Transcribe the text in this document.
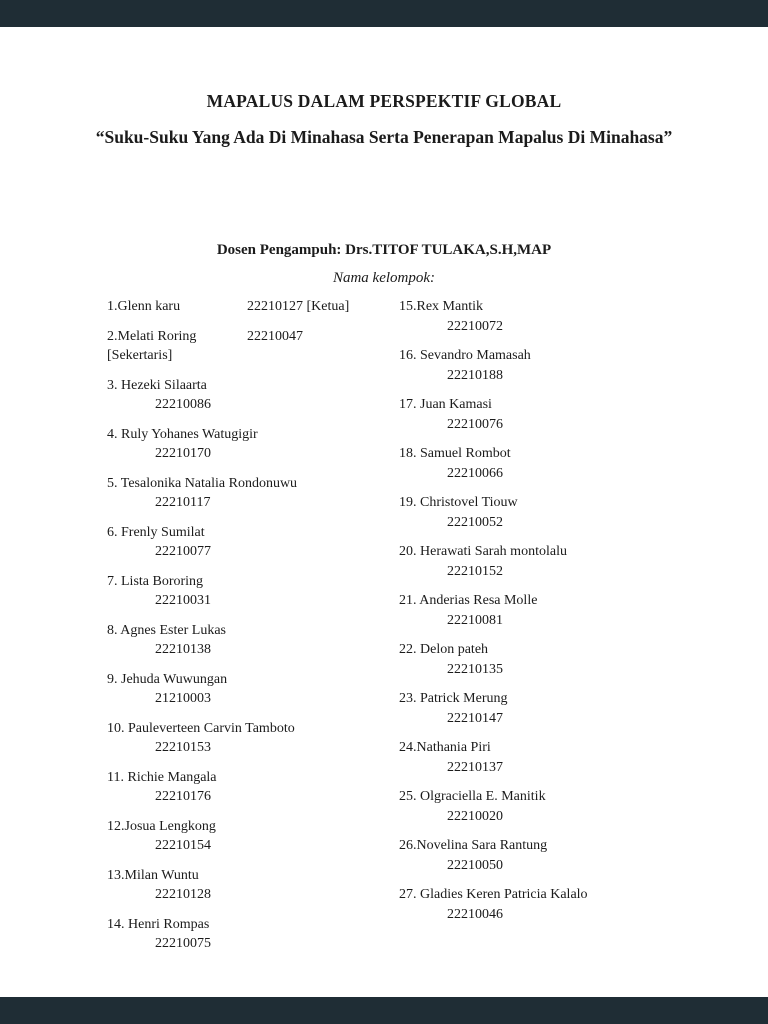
MAPALUS DALAM PERSPEKTIF GLOBAL
“Suku-Suku Yang Ada Di Minahasa Serta Penerapan Mapalus Di Minahasa”
Dosen Pengampuh: Drs.TITOF TULAKA,S.H,MAP
Nama kelompok:

1.Glenn karu	22210127 [Ketua]

2.Melati Roring	22210047

[Sekertaris]

3. Hezeki Silaarta
22210086

4. Ruly Yohanes Watugigir
22210170

5. Tesalonika Natalia Rondonuwu
22210117

6. Frenly Sumilat
22210077

7. Lista Bororing
22210031

8. Agnes Ester Lukas
22210138

9. Jehuda Wuwungan
21210003

10. Pauleverteen Carvin Tamboto
22210153

11. Richie Mangala
22210176

12.Josua Lengkong
22210154

13.Milan Wuntu
22210128

14. Henri Rompas
22210075

15.Rex Mantik
22210072

16. Sevandro Mamasah
22210188

17. Juan Kamasi
22210076

18. Samuel Rombot
22210066

19. Christovel Tiouw
22210052

20. Herawati Sarah montolalu
22210152

21. Anderias Resa Molle
22210081

22. Delon pateh
22210135

23. Patrick Merung
22210147

24.Nathania Piri
22210137

25. Olgraciella E. Manitik
22210020

26.Novelina Sara Rantung
22210050

27. Gladies Keren Patricia Kalalo
22210046
